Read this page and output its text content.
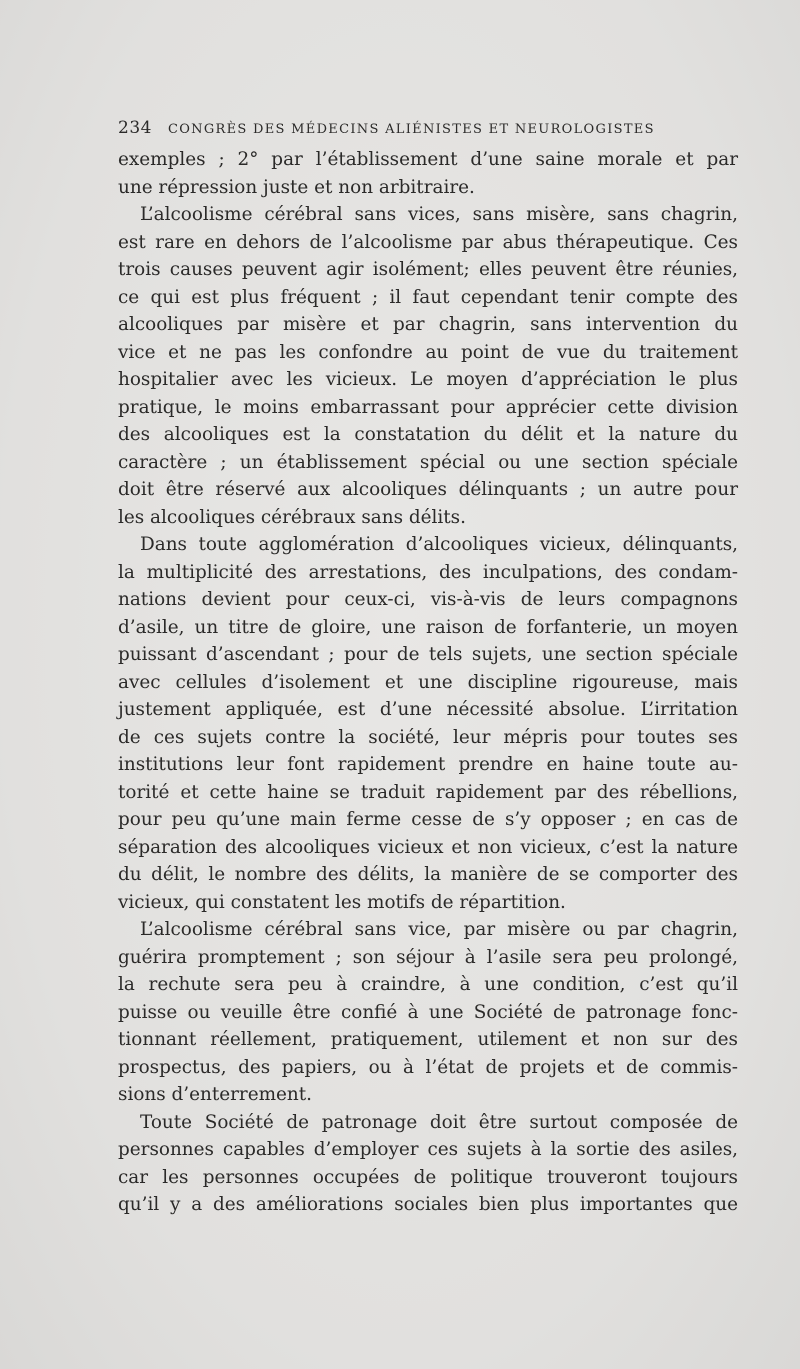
234 CONGRÈS DES MÉDECINS ALIÉNISTES ET NEUROLOGISTES
exemples ; 2° par l’établissement d’une saine morale et par
une répression juste et non arbitraire.
L’alcoolisme cérébral sans vices, sans misère, sans chagrin,
est rare en dehors de l’alcoolisme par abus thérapeutique. Ces
trois causes peuvent agir isolément; elles peuvent être réunies,
ce qui est plus fréquent ; il faut cependant tenir compte des
alcooliques par misère et par chagrin, sans intervention du
vice et ne pas les confondre au point de vue du traitement
hospitalier avec les vicieux. Le moyen d’appréciation le plus
pratique, le moins embarrassant pour apprécier cette division
des alcooliques est la constatation du délit et la nature du
caractère ; un établissement spécial ou une section spéciale
doit être réservé aux alcooliques délinquants ; un autre pour
les alcooliques cérébraux sans délits.
Dans toute agglomération d’alcooliques vicieux, délinquants,
la multiplicité des arrestations, des inculpations, des condam-
nations devient pour ceux-ci, vis-à-vis de leurs compagnons
d’asile, un titre de gloire, une raison de forfanterie, un moyen
puissant d’ascendant ; pour de tels sujets, une section spéciale
avec cellules d’isolement et une discipline rigoureuse, mais
justement appliquée, est d’une nécessité absolue. L’irritation
de ces sujets contre la société, leur mépris pour toutes ses
institutions leur font rapidement prendre en haine toute au-
torité et cette haine se traduit rapidement par des rébellions,
pour peu qu’une main ferme cesse de s’y opposer ; en cas de
séparation des alcooliques vicieux et non vicieux, c’est la nature
du délit, le nombre des délits, la manière de se comporter des
vicieux, qui constatent les motifs de répartition.
L’alcoolisme cérébral sans vice, par misère ou par chagrin,
guérira promptement ; son séjour à l’asile sera peu prolongé,
la rechute sera peu à craindre, à une condition, c’est qu’il
puisse ou veuille être confié à une Société de patronage fonc-
tionnant réellement, pratiquement, utilement et non sur des
prospectus, des papiers, ou à l’état de projets et de commis-
sions d’enterrement.
Toute Société de patronage doit être surtout composée de
personnes capables d’employer ces sujets à la sortie des asiles,
car les personnes occupées de politique trouveront toujours
qu’il y a des améliorations sociales bien plus importantes que
